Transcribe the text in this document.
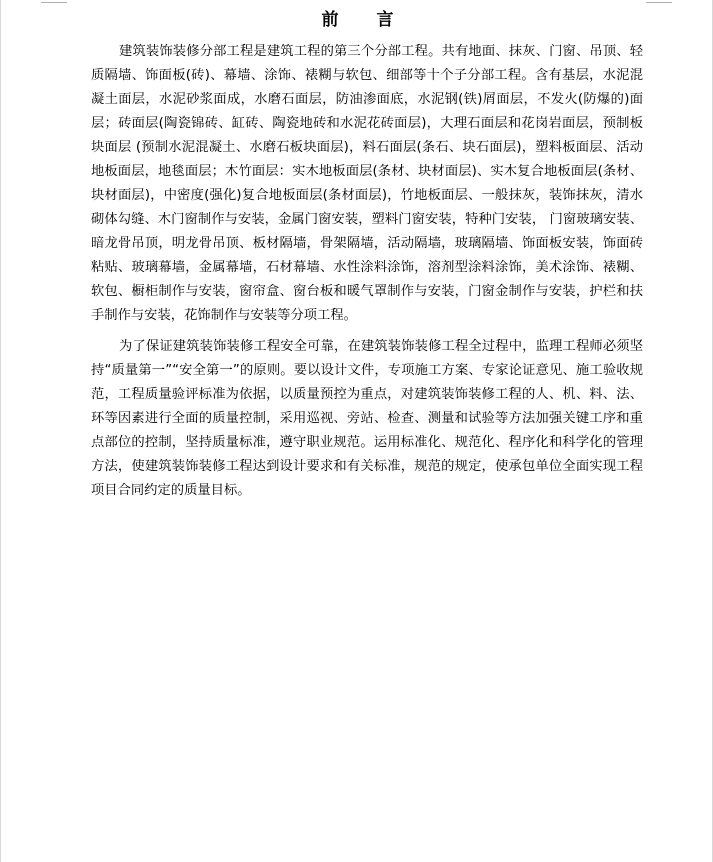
前言

建筑装饰装修分部工程是建筑工程的第三个分部工程。共有地面、抹灰、门窗、吊顶、轻质隔墙、饰面板(砖)、幕墙、涂饰、裱糊与软包、细部等十个子分部工程。含有基层，水泥混凝土面层，水泥砂浆面成，水磨石面层，防油渗面底，水泥钢(铁)屑面层，不发火(防爆的)面层；砖面层(陶瓷锦砖、缸砖、陶瓷地砖和水泥花砖面层)，大理石面层和花岗岩面层，预制板块面层 (预制水泥混凝土、水磨石板块面层)，料石面层(条石、块石面层)，塑料板面层、活动地板面层，地毯面层；木竹面层：实木地板面层(条材、块材面层)、实木复合地板面层(条材、块材面层)，中密度(强化)复合地板面层(条材面层)，竹地板面层、一般抹灰，装饰抹灰，清水砌体勾缝、木门窗制作与安装，金属门窗安装，塑料门窗安装，特种门安装， 门窗玻璃安装、暗龙骨吊顶，明龙骨吊顶、板材隔墙，骨架隔墙，活动隔墙，玻璃隔墙、饰面板安装，饰面砖粘贴、玻璃幕墙，金属幕墙，石材幕墙、水性涂料涂饰，溶剂型涂料涂饰，美术涂饰、裱糊、软包、橱柜制作与安装，窗帘盒、窗台板和暖气罩制作与安装，门窗金制作与安装，护栏和扶手制作与安装，花饰制作与安装等分项工程。

为了保证建筑装饰装修工程安全可靠，在建筑装饰装修工程全过程中，监理工程师必须坚持“质量第一”“安全第一”的原则。要以设计文件，专项施工方案、专家论证意见、施工验收规范，工程质量验评标准为依据，以质量预控为重点，对建筑装饰装修工程的人、机、料、法、环等因素进行全面的质量控制，采用巡视、旁站、检查、测量和试验等方法加强关键工序和重点部位的控制，坚持质量标准，遵守职业规范。运用标准化、规范化、程序化和科学化的管理方法，使建筑装饰装修工程达到设计要求和有关标准，规范的规定，使承包单位全面实现工程项目合同约定的质量目标。
